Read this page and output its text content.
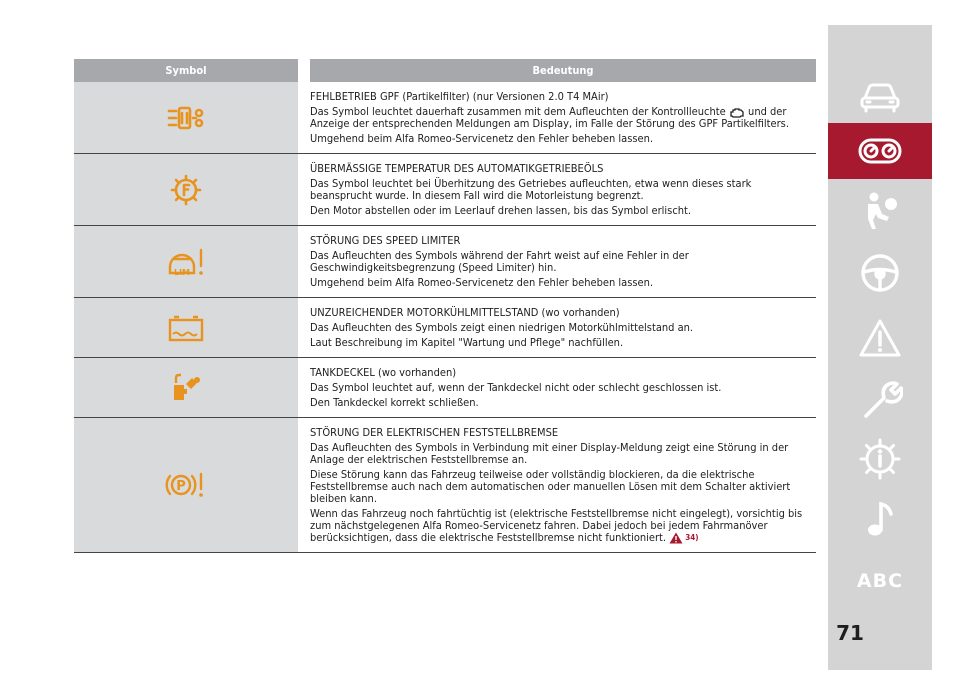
Symbol		Bedeutung

FEHLBETRIEB GPF (Partikelfilter) (nur Versionen 2.0 T4 MAir)
Das Symbol leuchtet dauerhaft zusammen mit dem Aufleuchten der Kontrollleuchte und der Anzeige der entsprechenden Meldungen am Display, im Falle der Störung des GPF Partikelfilters.
Umgehend beim Alfa Romeo-Servicenetz den Fehler beheben lassen.

ÜBERMÄSSIGE TEMPERATUR DES AUTOMATIKGETRIEBEÖLS
Das Symbol leuchtet bei Überhitzung des Getriebes aufleuchten, etwa wenn dieses stark beansprucht wurde. In diesem Fall wird die Motorleistung begrenzt.
Den Motor abstellen oder im Leerlauf drehen lassen, bis das Symbol erlischt.

LIM		STÖRUNG DES SPEED LIMITER
Das Aufleuchten des Symbols während der Fahrt weist auf eine Fehler in der Geschwindigkeitsbegrenzung (Speed Limiter) hin.
Umgehend beim Alfa Romeo-Servicenetz den Fehler beheben lassen.

UNZUREICHENDER MOTORKÜHLMITTELSTAND (wo vorhanden)
Das Aufleuchten des Symbols zeigt einen niedrigen Motorkühlmittelstand an.
Laut Beschreibung im Kapitel "Wartung und Pflege" nachfüllen.

TANKDECKEL (wo vorhanden)
Das Symbol leuchtet auf, wenn der Tankdeckel nicht oder schlecht geschlossen ist.
Den Tankdeckel korrekt schließen.

P		STÖRUNG DER ELEKTRISCHEN FESTSTELLBREMSE
Das Aufleuchten des Symbols in Verbindung mit einer Display-Meldung zeigt eine Störung in der Anlage der elektrischen Feststellbremse an.
Diese Störung kann das Fahrzeug teilweise oder vollständig blockieren, da die elektrische Feststellbremse auch nach dem automatischen oder manuellen Lösen mit dem Schalter aktiviert bleiben kann.
Wenn das Fahrzeug noch fahrtüchtig ist (elektrische Feststellbremse nicht eingelegt), vorsichtig bis zum nächstgelegenen Alfa Romeo-Servicenetz fahren. Dabei jedoch bei jedem Fahrmanöver berücksichtigen, dass die elektrische Feststellbremse nicht funktioniert. 34)
ABC
71
